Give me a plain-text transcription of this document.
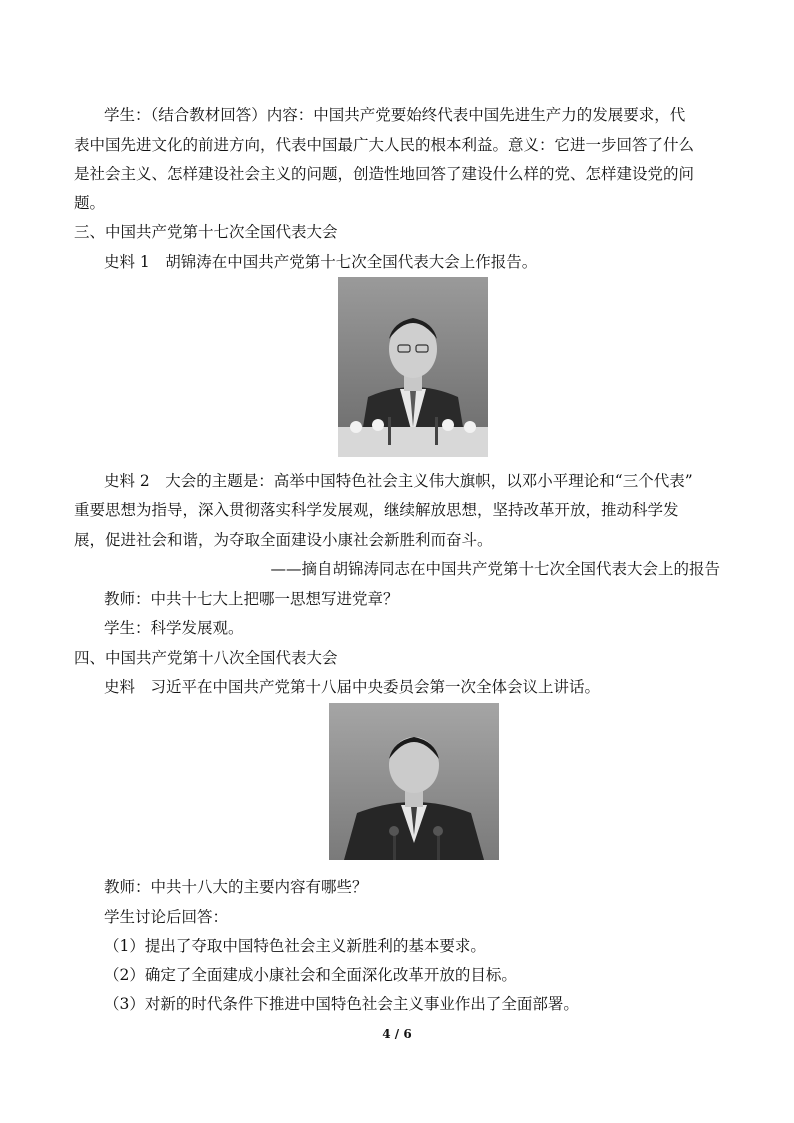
学生：（结合教材回答）内容：中国共产党要始终代表中国先进生产力的发展要求，代
表中国先进文化的前进方向，代表中国最广大人民的根本利益。意义：它进一步回答了什么
是社会主义、怎样建设社会主义的问题，创造性地回答了建设什么样的党、怎样建设党的问
题。
三、中国共产党第十七次全国代表大会
史料 1　胡锦涛在中国共产党第十七次全国代表大会上作报告。
史料 2　大会的主题是：高举中国特色社会主义伟大旗帜，以邓小平理论和“三个代表”
重要思想为指导，深入贯彻落实科学发展观，继续解放思想，坚持改革开放，推动科学发
展，促进社会和谐，为夺取全面建设小康社会新胜利而奋斗。
——摘自胡锦涛同志在中国共产党第十七次全国代表大会上的报告
教师：中共十七大上把哪一思想写进党章？
学生：科学发展观。
四、中国共产党第十八次全国代表大会
史料　习近平在中国共产党第十八届中央委员会第一次全体会议上讲话。
教师：中共十八大的主要内容有哪些？
学生讨论后回答：
（1）提出了夺取中国特色社会主义新胜利的基本要求。
（2）确定了全面建成小康社会和全面深化改革开放的目标。
（3）对新的时代条件下推进中国特色社会主义事业作出了全面部署。
4 / 6
